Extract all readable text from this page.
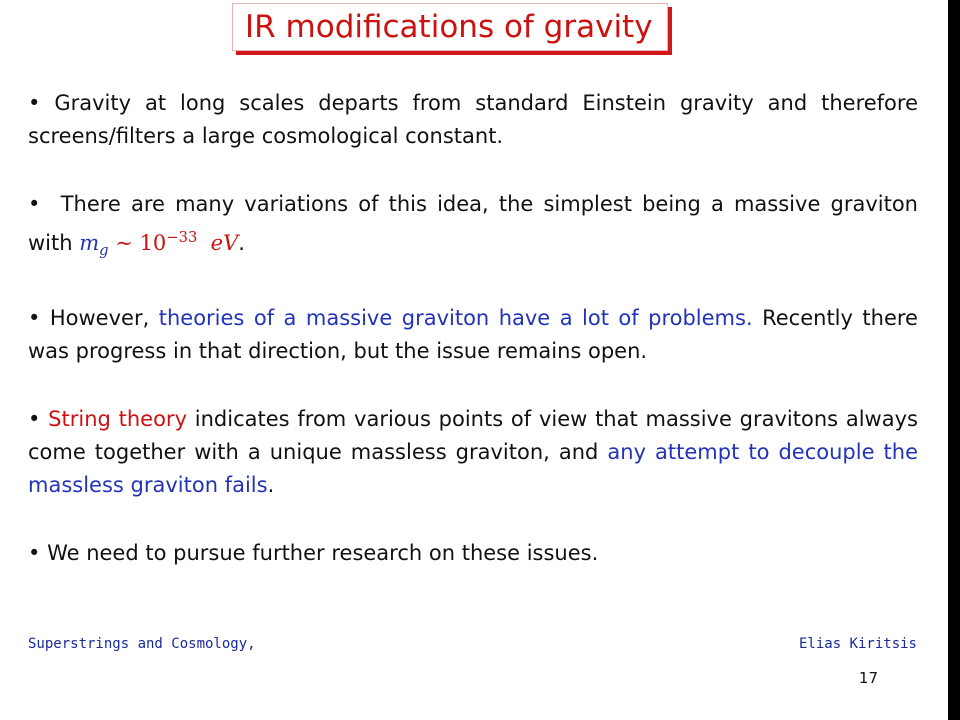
IR modifications of gravity

• Gravity at long scales departs from standard Einstein gravity and therefore screens/filters a large cosmological constant.

• There are many variations of this idea, the simplest being a massive graviton with $m_g$ ∼ $10^{-33}$ eV.

• However, theories of a massive graviton have a lot of problems. Recently there was progress in that direction, but the issue remains open.

• String theory indicates from various points of view that massive gravitons always come together with a unique massless graviton, and any attempt to decouple the massless graviton fails.

• We need to pursue further research on these issues.

Superstrings and Cosmology,	Elias Kiritsis
17
